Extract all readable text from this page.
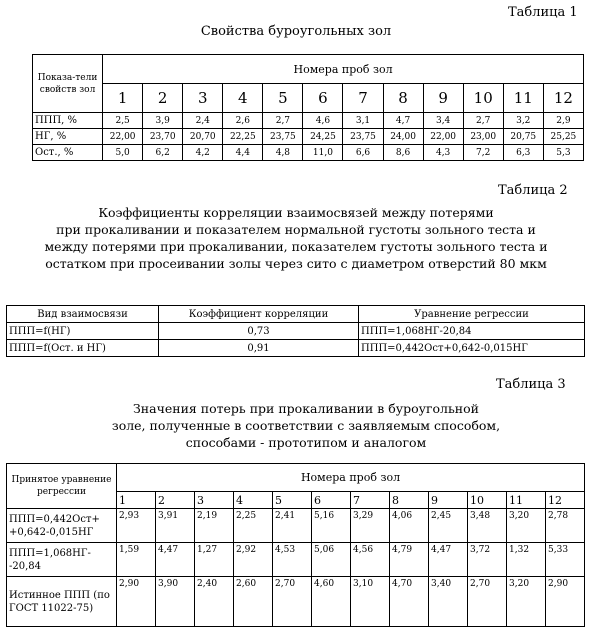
Таблица 1
Свойства буроугольных зол
Показа-тели свойств зол	Номера проб зол											
	1	2	3	4	5	6	7	8	9	10	11	12
ППП, %	2,5	3,9	2,4	2,6	2,7	4,6	3,1	4,7	3,4	2,7	3,2	2,9
НГ, %	22,00	23,70	20,70	22,25	23,75	24,25	23,75	24,00	22,00	23,00	20,75	25,25
Ост., %	5,0	6,2	4,2	4,4	4,8	11,0	6,6	8,6	4,3	7,2	6,3	5,3
Таблица 2
Коэффициенты корреляции взаимосвязей между потерями
при прокаливании и показателем нормальной густоты зольного теста и
между потерями при прокаливании, показателем густоты зольного теста и
остатком при просеивании золы через сито с диаметром отверстий 80 мкм
Вид взаимосвязи	Коэффициент корреляции	Уравнение регрессии
ППП=f(НГ)	0,73	ППП=1,068НГ-20,84
ППП=f(Ост. и НГ)	0,91	ППП=0,442Ост+0,642-0,015НГ
Таблица 3
Значения потерь при прокаливании в буроугольной
золе, полученные в соответствии с заявляемым способом,
способами - прототипом и аналогом
Принятое уравнение регрессии	Номера проб зол											
	1	2	3	4	5	6	7	8	9	10	11	12
ППП=0,442Ост+ +0,642-0,015НГ	2,93	3,91	2,19	2,25	2,41	5,16	3,29	4,06	2,45	3,48	3,20	2,78
ППП=1,068НГ- -20,84	1,59	4,47	1,27	2,92	4,53	5,06	4,56	4,79	4,47	3,72	1,32	5,33
Истинное ППП (по ГОСТ 11022-75)	2,90	3,90	2,40	2,60	2,70	4,60	3,10	4,70	3,40	2,70	3,20	2,90
